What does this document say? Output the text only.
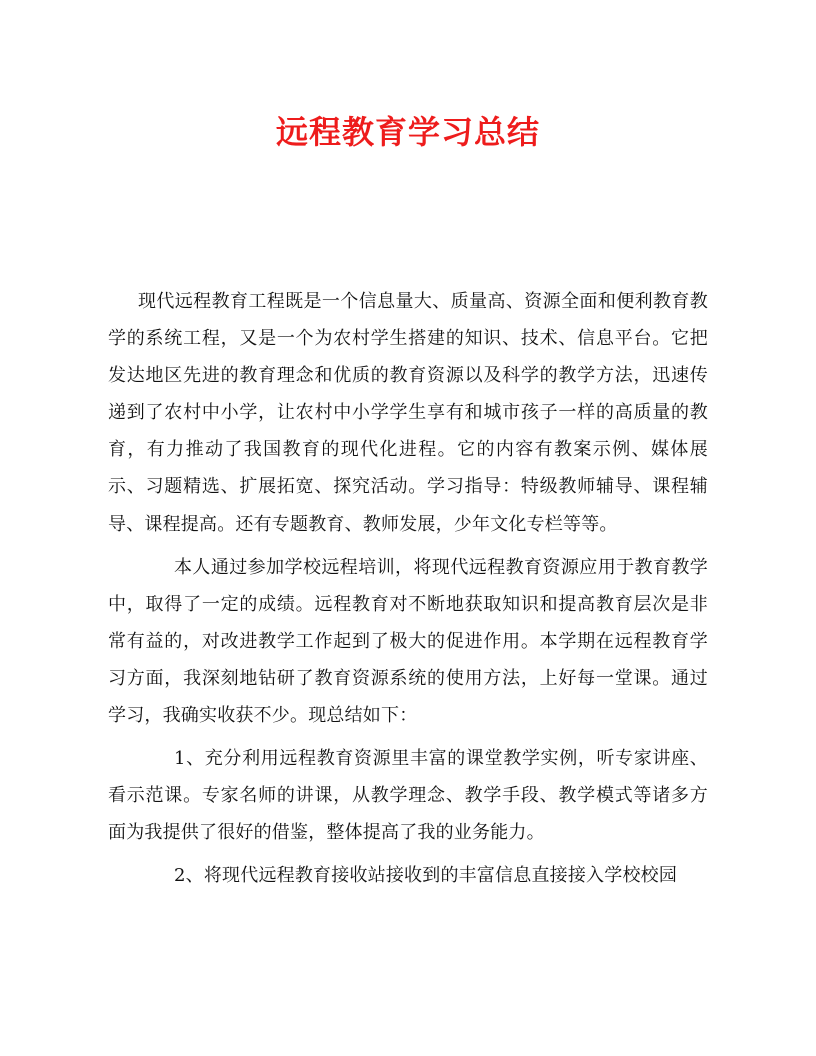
远程教育学习总结

现代远程教育工程既是一个信息量大、质量高、资源全面和便利教育教学的系统工程，又是一个为农村学生搭建的知识、技术、信息平台。它把发达地区先进的教育理念和优质的教育资源以及科学的教学方法，迅速传递到了农村中小学，让农村中小学学生享有和城市孩子一样的高质量的教育，有力推动了我国教育的现代化进程。它的内容有教案示例、媒体展示、习题精选、扩展拓宽、探究活动。学习指导：特级教师辅导、课程辅导、课程提高。还有专题教育、教师发展，少年文化专栏等等。

本人通过参加学校远程培训，将现代远程教育资源应用于教育教学中，取得了一定的成绩。远程教育对不断地获取知识和提高教育层次是非常有益的，对改进教学工作起到了极大的促进作用。本学期在远程教育学习方面，我深刻地钻研了教育资源系统的使用方法，上好每一堂课。通过学习，我确实收获不少。现总结如下：

1、充分利用远程教育资源里丰富的课堂教学实例，听专家讲座、看示范课。专家名师的讲课，从教学理念、教学手段、教学模式等诸多方面为我提供了很好的借鉴，整体提高了我的业务能力。

2、将现代远程教育接收站接收到的丰富信息直接接入学校校园
